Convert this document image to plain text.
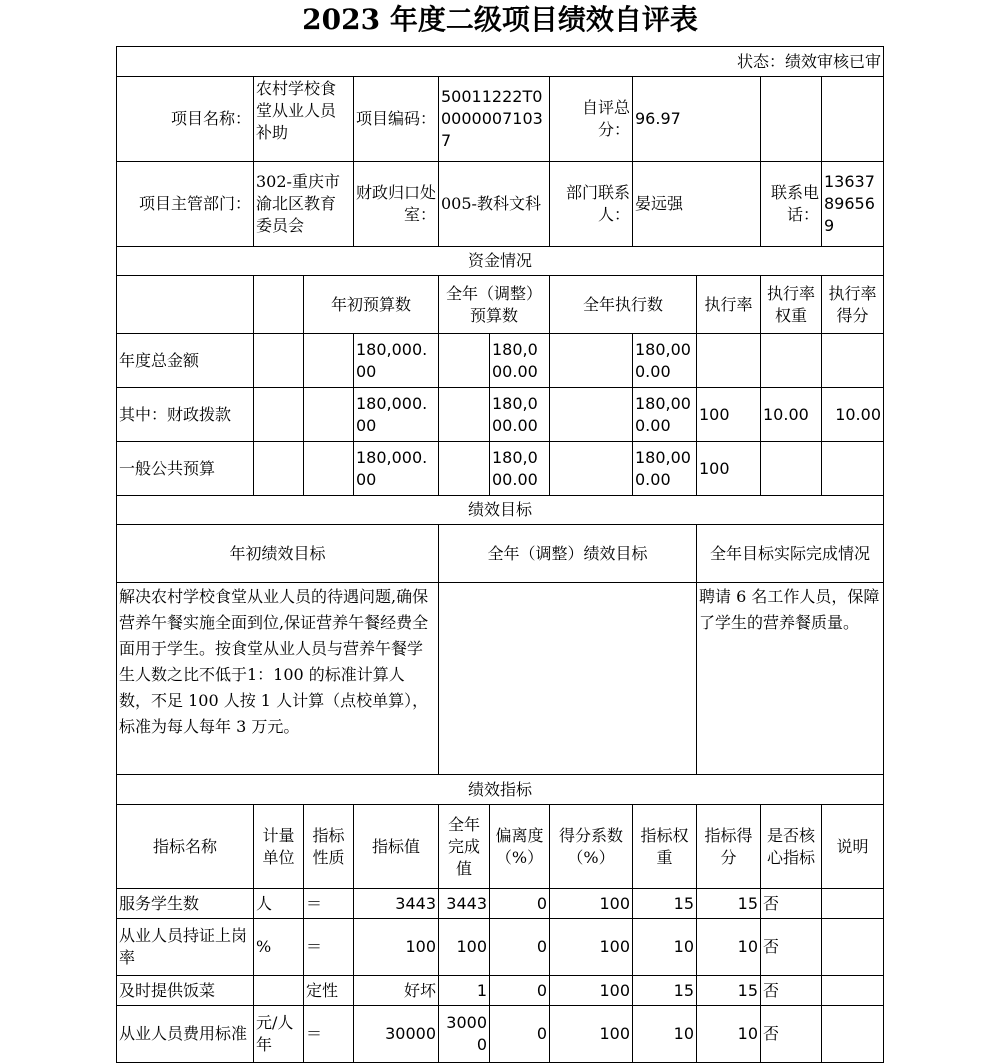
2023 年度二级项目绩效自评表
状态：绩效审核已审										
项目名称：	农村学校食堂从业人员补助		项目编码：	50011222T000000071037		自评总分：	96.97			
项目主管部门：	302-重庆市渝北区教育委员会		财政归口处室：	005-教科文科		部门联系人：	晏远强		联系电话：	13637896569
资金情况										
		年初预算数		全年（调整）预算数		全年执行数		执行率	执行率权重	执行率得分
年度总金额			180,000.00		180,000.00		180,000.00			
其中：财政拨款			180,000.00		180,000.00		180,000.00	100	10.00	10.00
一般公共预算			180,000.00		180,000.00		180,000.00	100		
绩效目标										
年初绩效目标				全年（调整）绩效目标				全年目标实际完成情况		
解决农村学校食堂从业人员的待遇问题,确保营养午餐实施全面到位,保证营养午餐经费全面用于学生。按食堂从业人员与营养午餐学生人数之比不低于1：100 的标准计算人数，不足 100 人按 1 人计算（点校单算），标准为每人每年 3 万元。								聘请 6 名工作人员，保障了学生的营养餐质量。		
绩效指标										
指标名称	计量单位	指标性质	指标值	全年完成值	偏离度（%）	得分系数（%）	指标权重	指标得分	是否核心指标	说明
服务学生数	人	＝	3443	3443	0	100	15	15	否	
从业人员持证上岗率	%	＝	100	100	0	100	10	10	否	
及时提供饭菜		定性	好坏	1	0	100	15	15	否	
从业人员费用标准	元/人年	＝	30000	30000	0	100	10	10	否	
